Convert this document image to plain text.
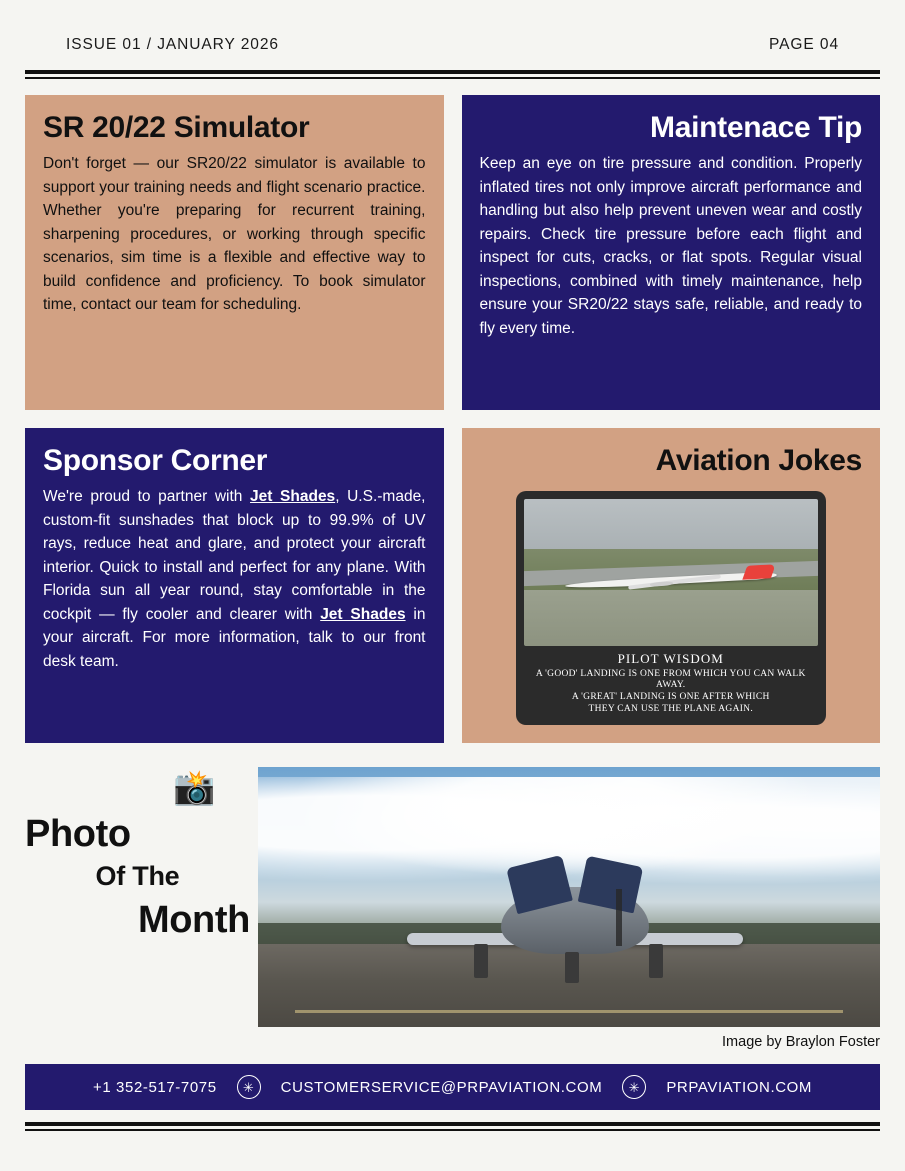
ISSUE 01 / JANUARY 2026	PAGE 04
SR 20/22 Simulator

Don't forget — our SR20/22 simulator is available to support your training needs and flight scenario practice. Whether you're preparing for recurrent training, sharpening procedures, or working through specific scenarios, sim time is a flexible and effective way to build confidence and proficiency. To book simulator time, contact our team for scheduling.

Maintenace Tip

Keep an eye on tire pressure and condition. Properly inflated tires not only improve aircraft performance and handling but also help prevent uneven wear and costly repairs. Check tire pressure before each flight and inspect for cuts, cracks, or flat spots. Regular visual inspections, combined with timely maintenance, help ensure your SR20/22 stays safe, reliable, and ready to fly every time.

Sponsor Corner

We're proud to partner with Jet Shades, U.S.-made, custom-fit sunshades that block up to 99.9% of UV rays, reduce heat and glare, and protect your aircraft interior. Quick to install and perfect for any plane. With Florida sun all year round, stay comfortable in the cockpit — fly cooler and clearer with Jet Shades in your aircraft. For more information, talk to our front desk team.

Aviation Jokes
PILOT WISDOM
A 'GOOD' LANDING IS ONE FROM WHICH YOU CAN WALK AWAY.
A 'GREAT' LANDING IS ONE AFTER WHICH
THEY CAN USE THE PLANE AGAIN.
📸
Photo
Of The
Month
Image by Braylon Foster
+1 352-517-7075	✳	CUSTOMERSERVICE@PRPAVIATION.COM	✳	PRPAVIATION.COM
